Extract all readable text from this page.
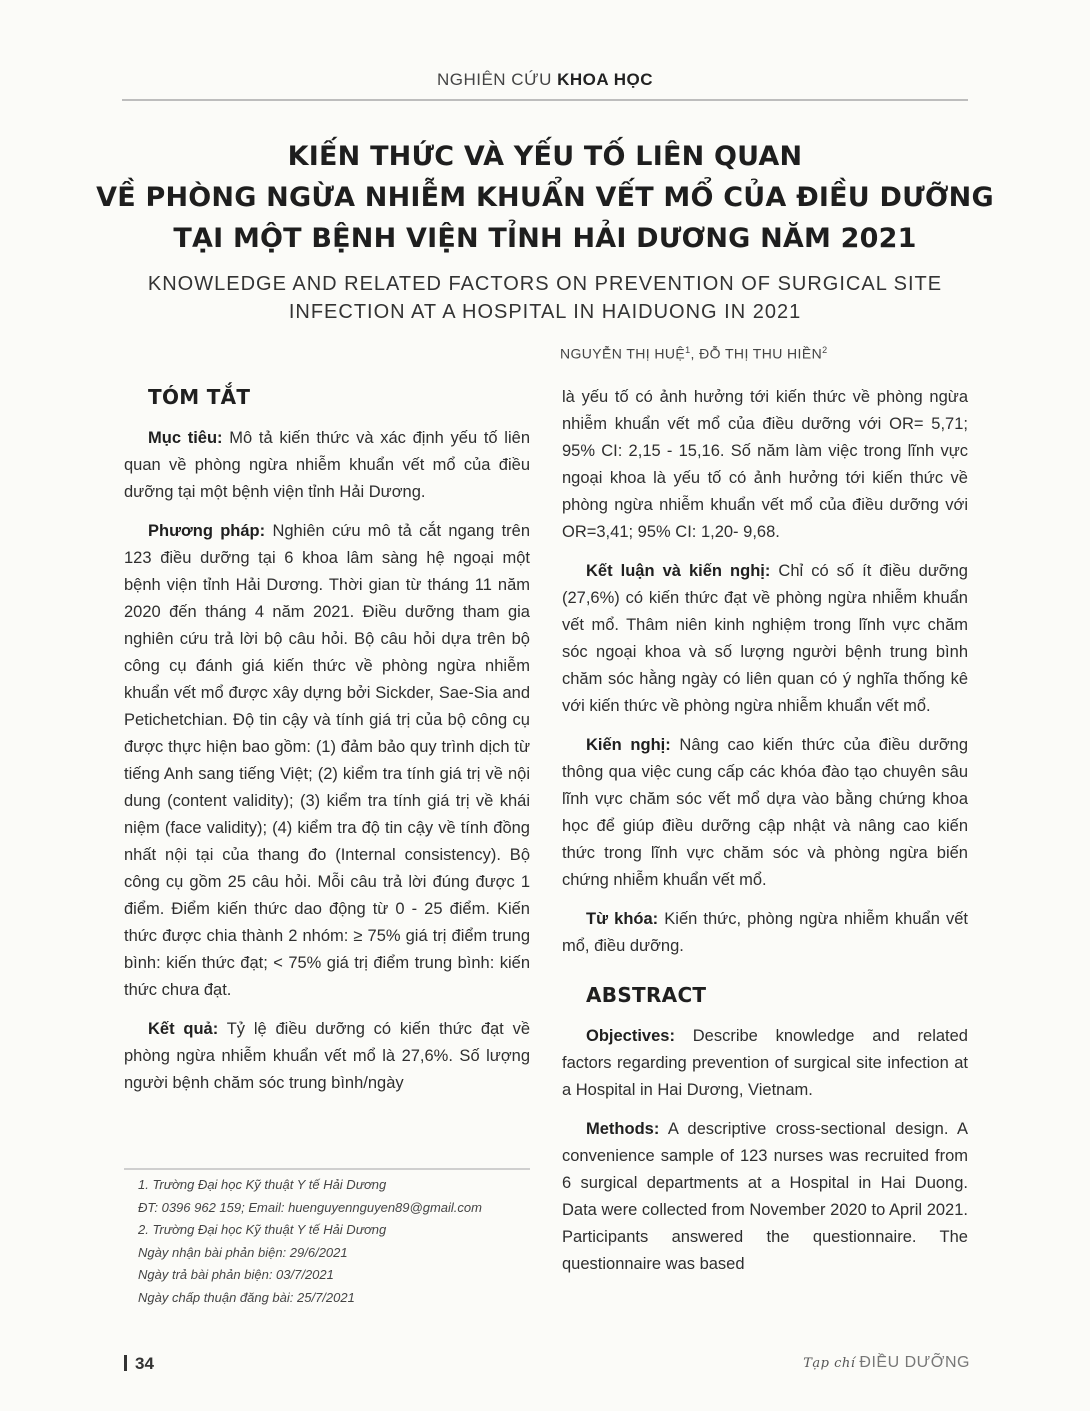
NGHIÊN CỨU KHOA HỌC
KIẾN THỨC VÀ YẾU TỐ LIÊN QUAN
VỀ PHÒNG NGỪA NHIỄM KHUẨN VẾT MỔ CỦA ĐIỀU DƯỠNG
TẠI MỘT BỆNH VIỆN TỈNH HẢI DƯƠNG NĂM 2021
KNOWLEDGE AND RELATED FACTORS ON PREVENTION OF SURGICAL SITE
INFECTION AT A HOSPITAL IN HAIDUONG IN 2021
NGUYỄN THỊ HUỆ$^1$, ĐỖ THỊ THU HIỀN$^2$
TÓM TẮT

Mục tiêu: Mô tả kiến thức và xác định yếu tố liên quan về phòng ngừa nhiễm khuẩn vết mổ của điều dưỡng tại một bệnh viện tỉnh Hải Dương.

Phương pháp: Nghiên cứu mô tả cắt ngang trên 123 điều dưỡng tại 6 khoa lâm sàng hệ ngoại một bệnh viện tỉnh Hải Dương. Thời gian từ tháng 11 năm 2020 đến tháng 4 năm 2021. Điều dưỡng tham gia nghiên cứu trả lời bộ câu hỏi. Bộ câu hỏi dựa trên bộ công cụ đánh giá kiến thức về phòng ngừa nhiễm khuẩn vết mổ được xây dựng bởi Sickder, Sae-Sia and Petichetchian. Độ tin cậy và tính giá trị của bộ công cụ được thực hiện bao gồm: (1) đảm bảo quy trình dịch từ tiếng Anh sang tiếng Việt; (2) kiểm tra tính giá trị về nội dung (content validity); (3) kiểm tra tính giá trị về khái niệm (face validity); (4) kiểm tra độ tin cậy về tính đồng nhất nội tại của thang đo (Internal consistency). Bộ công cụ gồm 25 câu hỏi. Mỗi câu trả lời đúng được 1 điểm. Điểm kiến thức dao động từ 0 - 25 điểm. Kiến thức được chia thành 2 nhóm: ≥ 75% giá trị điểm trung bình: kiến thức đạt; < 75% giá trị điểm trung bình: kiến thức chưa đạt.

Kết quả: Tỷ lệ điều dưỡng có kiến thức đạt về phòng ngừa nhiễm khuẩn vết mổ là 27,6%. Số lượng người bệnh chăm sóc trung bình/ngày

1. Trường Đại học Kỹ thuật Y tế Hải Dương
ĐT: 0396 962 159; Email: huenguyennguyen89@gmail.com
2. Trường Đại học Kỹ thuật Y tế Hải Dương
Ngày nhận bài phản biện: 29/6/2021
Ngày trả bài phản biện: 03/7/2021
Ngày chấp thuận đăng bài: 25/7/2021

là yếu tố có ảnh hưởng tới kiến thức về phòng ngừa nhiễm khuẩn vết mổ của điều dưỡng với OR= 5,71; 95% CI: 2,15 - 15,16. Số năm làm việc trong lĩnh vực ngoại khoa là yếu tố có ảnh hưởng tới kiến thức về phòng ngừa nhiễm khuẩn vết mổ của điều dưỡng với OR=3,41; 95% CI: 1,20- 9,68.

Kết luận và kiến nghị: Chỉ có số ít điều dưỡng (27,6%) có kiến thức đạt về phòng ngừa nhiễm khuẩn vết mổ. Thâm niên kinh nghiệm trong lĩnh vực chăm sóc ngoại khoa và số lượng người bệnh trung bình chăm sóc hằng ngày có liên quan có ý nghĩa thống kê với kiến thức về phòng ngừa nhiễm khuẩn vết mổ.

Kiến nghị: Nâng cao kiến thức của điều dưỡng thông qua việc cung cấp các khóa đào tạo chuyên sâu lĩnh vực chăm sóc vết mổ dựa vào bằng chứng khoa học để giúp điều dưỡng cập nhật và nâng cao kiến thức trong lĩnh vực chăm sóc và phòng ngừa biến chứng nhiễm khuẩn vết mổ.

Từ khóa: Kiến thức, phòng ngừa nhiễm khuẩn vết mổ, điều dưỡng.

ABSTRACT

Objectives: Describe knowledge and related factors regarding prevention of surgical site infection at a Hospital in Hai Dương, Vietnam.

Methods: A descriptive cross-sectional design. A convenience sample of 123 nurses was recruited from 6 surgical departments at a Hospital in Hai Duong. Data were collected from November 2020 to April 2021. Participants answered the questionnaire. The questionnaire was based

34	Tạp chí ĐIỀU DƯỠNG
